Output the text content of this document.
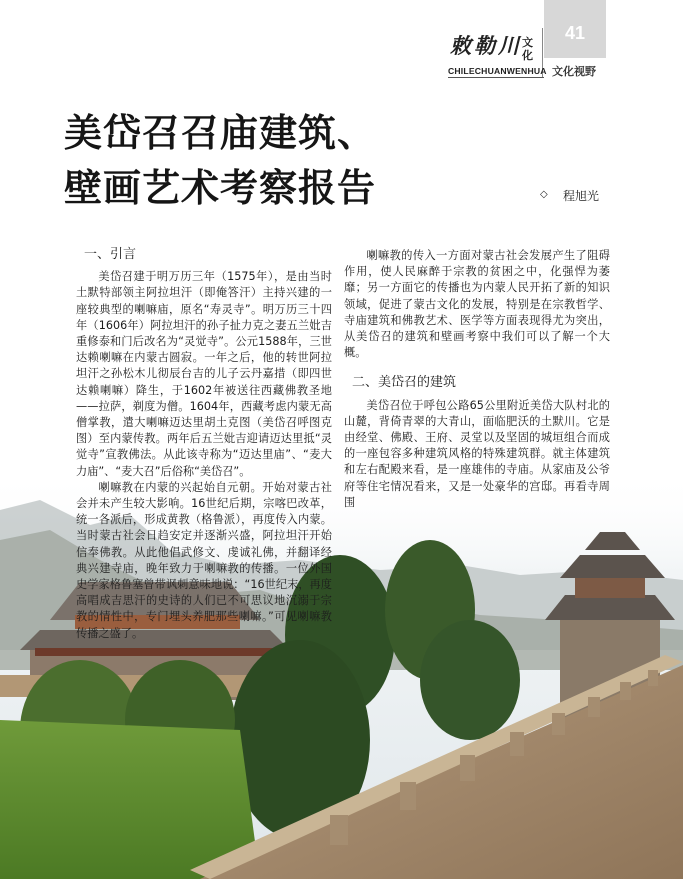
41
敕勒川 文化
CHILECHUANWENHUA 文化视野
美岱召召庙建筑、
壁画艺术考察报告	◇ 程旭光
一、引言

美岱召建于明万历三年（1575年），是由当时土默特部领主阿拉坦汗（即俺答汗）主持兴建的一座较典型的喇嘛庙，原名“寿灵寺”。明万历三十四年（1606年）阿拉坦汗的孙子扯力克之妻五兰妣吉重修泰和门后改名为“灵觉寺”。公元1588年，三世达赖喇嘛在内蒙古圆寂。一年之后，他的转世阿拉坦汗之孙松木儿彻辰台吉的儿子云丹嘉措（即四世达赖喇嘛）降生，于1602年被送往西藏佛教圣地——拉萨，剃度为僧。1604年，西藏考虑内蒙无高僧掌教，遣大喇嘛迈达里胡土克图（美岱召呼图克图）至内蒙传教。两年后五兰妣吉迎请迈达里抵“灵觉寺”宣教佛法。从此该寺称为“迈达里庙”、“麦大力庙”、“麦大召”后俗称“美岱召”。

喇嘛教在内蒙的兴起始自元朝。开始对蒙古社会并未产生较大影响。16世纪后期，宗喀巴改革，统一各派后，形成黄教（格鲁派），再度传入内蒙。当时蒙古社会日趋安定并逐渐兴盛，阿拉坦汗开始信奉佛教。从此他倡武修文、虔诚礼佛，并翻译经典兴建寺庙，晚年致力于喇嘛教的传播。一位外国史学家格鲁塞曾带讽刺意味地说：“16世纪末，再度高唱成吉思汗的史诗的人们已不可思议地沉溺于宗教的情性中，专门埋头养肥那些喇嘛。”可见喇嘛教传播之盛了。

喇嘛教的传入一方面对蒙古社会发展产生了阻碍作用，使人民麻醉于宗教的贫困之中，化强悍为萎靡；另一方面它的传播也为内蒙人民开拓了新的知识领域，促进了蒙古文化的发展，特别是在宗教哲学、寺庙建筑和佛教艺术、医学等方面表现得尤为突出，从美岱召的建筑和壁画考察中我们可以了解一个大概。

二、美岱召的建筑

美岱召位于呼包公路65公里附近美岱大队村北的山麓，背倚青翠的大青山，面临肥沃的土默川。它是由经堂、佛殿、王府、灵堂以及坚固的城垣组合而成的一座包容多种建筑风格的特殊建筑群。就主体建筑和左右配殿来看，是一座雄伟的寺庙。从家庙及公爷府等住宅情况看来，又是一处豪华的宫邸。再看寺周围
